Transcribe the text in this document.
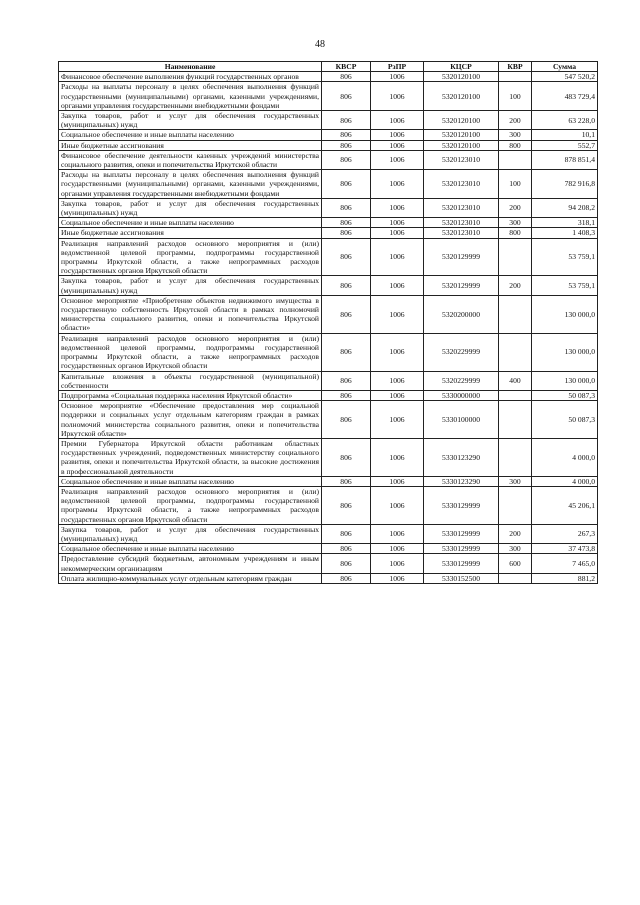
48
Наименование	КВСР	РзПР	КЦСР	КВР	Сумма
Финансовое обеспечение выполнения функций государственных органов	806	1006	5320120100		547 520,2
Расходы на выплаты персоналу в целях обеспечения выполнения функций государственными (муниципальными) органами, казенными учреждениями, органами управления государственными внебюджетными фондами	806	1006	5320120100	100	483 729,4
Закупка товаров, работ и услуг для обеспечения государственных (муниципальных) нужд	806	1006	5320120100	200	63 228,0
Социальное обеспечение и иные выплаты населению	806	1006	5320120100	300	10,1
Иные бюджетные ассигнования	806	1006	5320120100	800	552,7
Финансовое обеспечение деятельности казенных учреждений министерства социального развития, опеки и попечительства Иркутской области	806	1006	5320123010		878 851,4
Расходы на выплаты персоналу в целях обеспечения выполнения функций государственными (муниципальными) органами, казенными учреждениями, органами управления государственными внебюджетными фондами	806	1006	5320123010	100	782 916,8
Закупка товаров, работ и услуг для обеспечения государственных (муниципальных) нужд	806	1006	5320123010	200	94 208,2
Социальное обеспечение и иные выплаты населению	806	1006	5320123010	300	318,1
Иные бюджетные ассигнования	806	1006	5320123010	800	1 408,3
Реализация направлений расходов основного мероприятия и (или) ведомственной целевой программы, подпрограммы государственной программы Иркутской области, а также непрограммных расходов государственных органов Иркутской области	806	1006	5320129999		53 759,1
Закупка товаров, работ и услуг для обеспечения государственных (муниципальных) нужд	806	1006	5320129999	200	53 759,1
Основное мероприятие «Приобретение объектов недвижимого имущества в государственную собственность Иркутской области в рамках полномочий министерства социального развития, опеки и попечительства Иркутской области»	806	1006	5320200000		130 000,0
Реализация направлений расходов основного мероприятия и (или) ведомственной целевой программы, подпрограммы государственной программы Иркутской области, а также непрограммных расходов государственных органов Иркутской области	806	1006	5320229999		130 000,0
Капитальные вложения в объекты государственной (муниципальной) собственности	806	1006	5320229999	400	130 000,0
Подпрограмма «Социальная поддержка населения Иркутской области»	806	1006	5330000000		50 087,3
Основное мероприятие «Обеспечение предоставления мер социальной поддержки и социальных услуг отдельным категориям граждан в рамках полномочий министерства социального развития, опеки и попечительства Иркутской области»	806	1006	5330100000		50 087,3
Премии Губернатора Иркутской области работникам областных государственных учреждений, подведомственных министерству социального развития, опеки и попечительства Иркутской области, за высокие достижения в профессиональной деятельности	806	1006	5330123290		4 000,0
Социальное обеспечение и иные выплаты населению	806	1006	5330123290	300	4 000,0
Реализация направлений расходов основного мероприятия и (или) ведомственной целевой программы, подпрограммы государственной программы Иркутской области, а также непрограммных расходов государственных органов Иркутской области	806	1006	5330129999		45 206,1
Закупка товаров, работ и услуг для обеспечения государственных (муниципальных) нужд	806	1006	5330129999	200	267,3
Социальное обеспечение и иные выплаты населению	806	1006	5330129999	300	37 473,8
Предоставление субсидий бюджетным, автономным учреждениям и иным некоммерческим организациям	806	1006	5330129999	600	7 465,0
Оплата жилищно-коммунальных услуг отдельным категориям граждан	806	1006	5330152500		881,2
